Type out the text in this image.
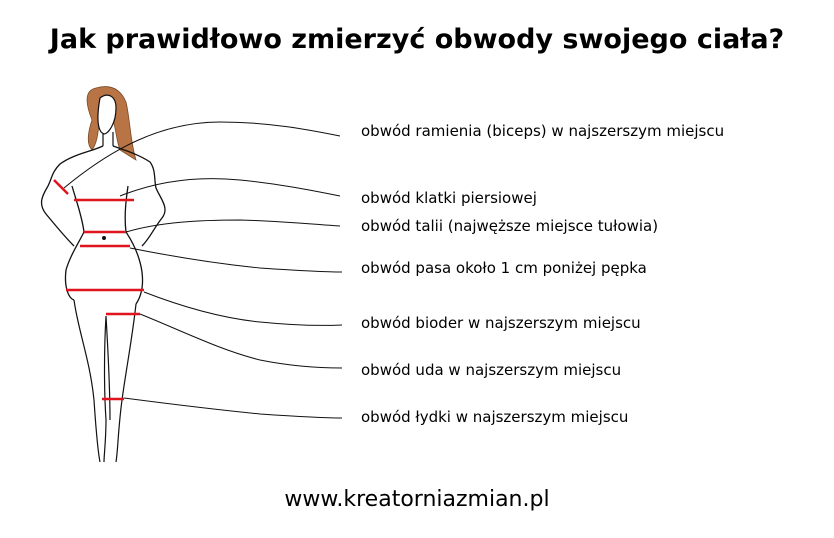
Jak prawidłowo zmierzyć obwody swojego ciała?
obwód ramienia (biceps) w najszerszym miejscu
obwód klatki piersiowej
obwód talii (najwęższe miejsce tułowia)
obwód pasa około 1 cm poniżej pępka
obwód bioder w najszerszym miejscu
obwód uda w najszerszym miejscu
obwód łydki w najszerszym miejscu
www.kreatorniazmian.pl
